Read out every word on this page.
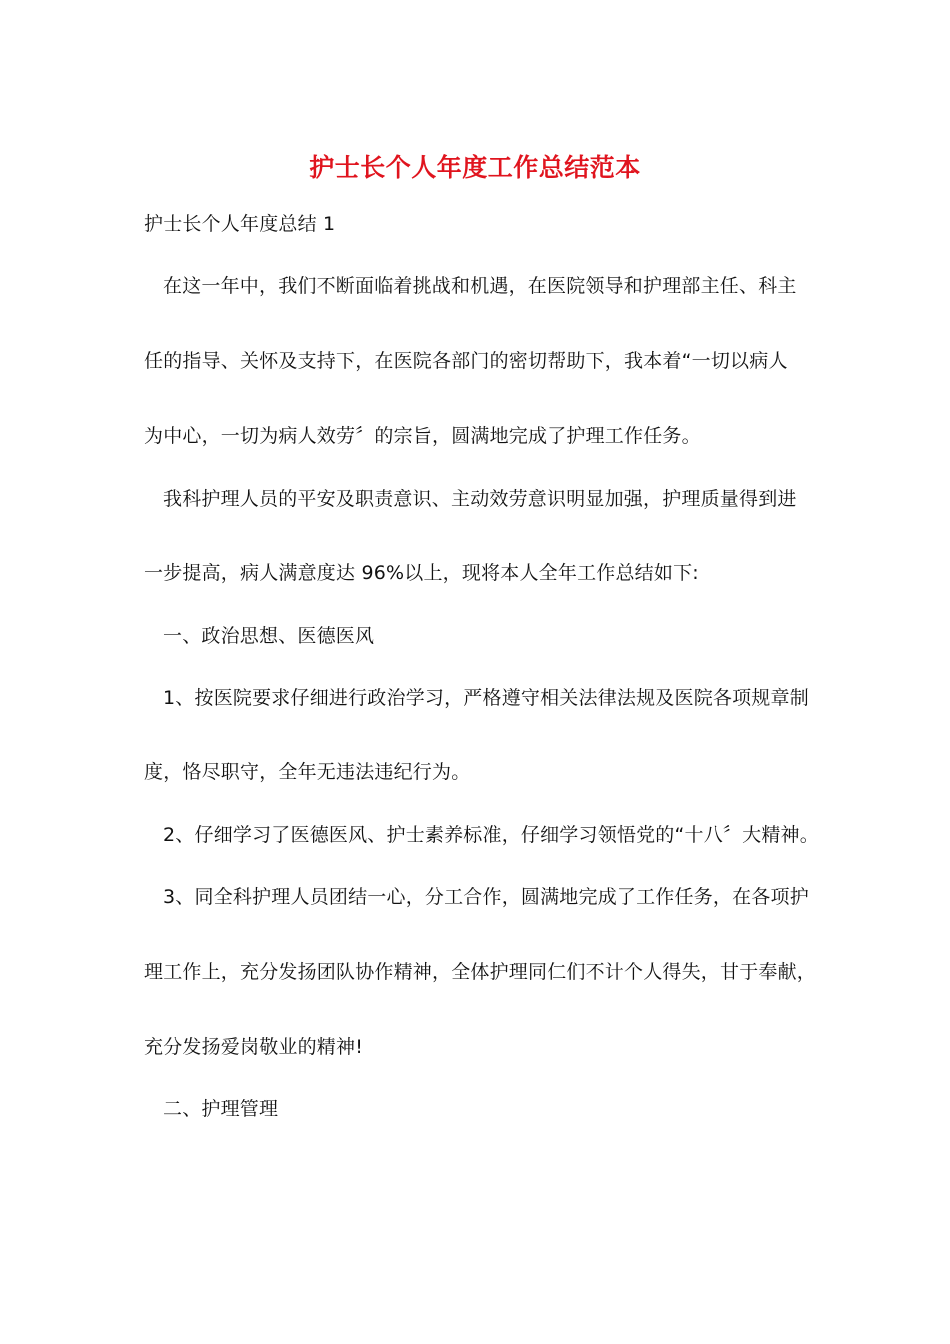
护士长个人年度工作总结范本
护士长个人年度总结 1
在这一年中，我们不断面临着挑战和机遇，在医院领导和护理部主任、科主
任的指导、关怀及支持下，在医院各部门的密切帮助下，我本着“一切以病人
为中心，一切为病人效劳〞的宗旨，圆满地完成了护理工作任务。
我科护理人员的平安及职责意识、主动效劳意识明显加强，护理质量得到进
一步提高，病人满意度达 96%以上，现将本人全年工作总结如下:
一、政治思想、医德医风
1、按医院要求仔细进行政治学习，严格遵守相关法律法规及医院各项规章制
度，恪尽职守，全年无违法违纪行为。
2、仔细学习了医德医风、护士素养标准，仔细学习领悟党的“十八〞大精神。
3、同全科护理人员团结一心，分工合作，圆满地完成了工作任务，在各项护
理工作上，充分发扬团队协作精神，全体护理同仁们不计个人得失，甘于奉献，
充分发扬爱岗敬业的精神!
二、护理管理
